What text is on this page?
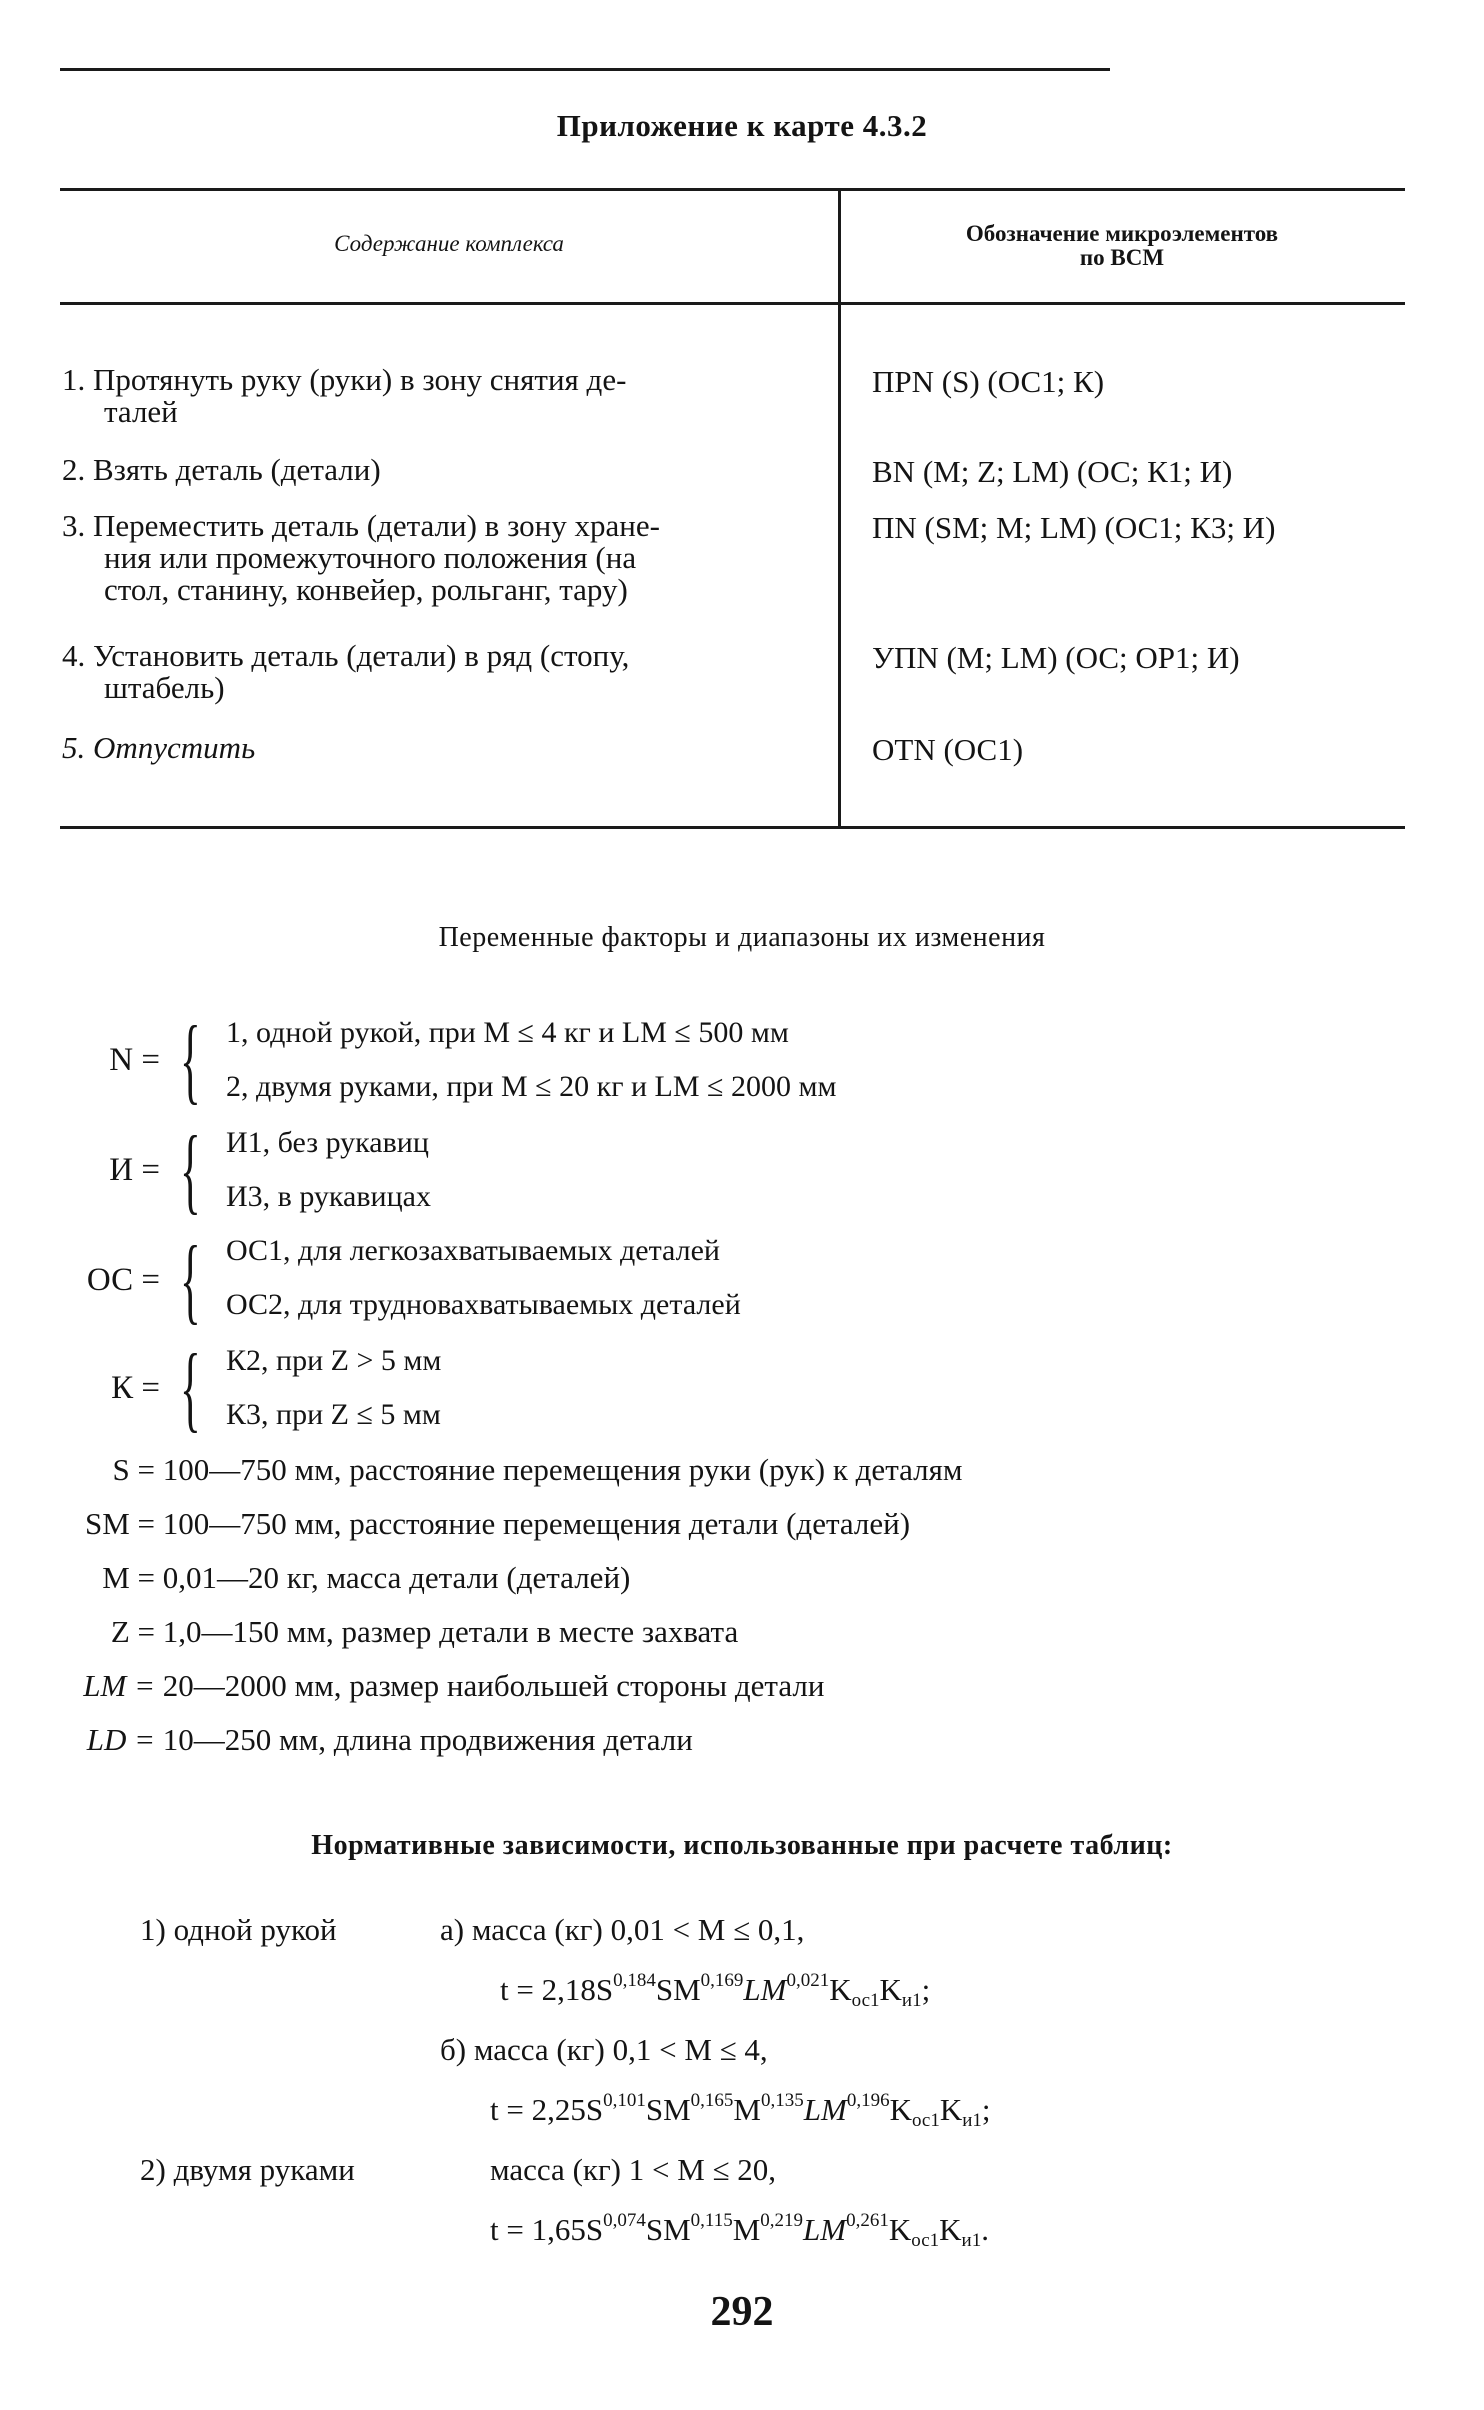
Приложение к карте 4.3.2
Содержание комплекса	Обозначение микроэлементов
по ВСМ
1. Протянуть руку (руки) в зону снятия де-
талей
ПРN (S) (ОС1; К)
2. Взять деталь (детали)	ВN (М; Z; LM) (ОС; К1; И)
3. Переместить деталь (детали) в зону хране-
ния или промежуточного положения (на
стол, станину, конвейер, рольганг, тару)
ПN (SM; М; LM) (ОС1; К3; И)
4. Установить деталь (детали) в ряд (стопу,
штабель)
УПN (М; LM) (ОС; ОР1; И)
5. Отпустить	ОТN (ОС1)
Переменные факторы и диапазоны их изменения
N = { 1, одной рукой, при M ≤ 4 кг и LM ≤ 500 мм
2, двумя руками, при M ≤ 20 кг и LM ≤ 2000 мм
И = { И1, без рукавиц
И3, в рукавицах
ОС = { ОС1, для легкозахватываемых деталей
ОС2, для трудновахватываемых деталей
К = { К2, при Z > 5 мм
К3, при Z ≤ 5 мм
S = 100—750 мм, расстояние перемещения руки (рук) к деталям
SM = 100—750 мм, расстояние перемещения детали (деталей)
M = 0,01—20 кг, масса детали (деталей)
Z = 1,0—150 мм, размер детали в месте захвата
LM = 20—2000 мм, размер наибольшей стороны детали
LD = 10—250 мм, длина продвижения детали
Нормативные зависимости, использованные при расчете таблиц:
1) одной рукой	а) масса (кг) 0,01 < M ≤ 0,1,
$t = 2,18S^{0,184}SM^{0,169}LM^{0,021}K_{ос1}K_{и1}$;
б) масса (кг) 0,1 < M ≤ 4,
$t = 2,25S^{0,101}SM^{0,165}M^{0,135}LM^{0,196}K_{ос1}K_{и1}$;
2) двумя руками	масса (кг) 1 < M ≤ 20,
$t = 1,65S^{0,074}SM^{0,115}M^{0,219}LM^{0,261}K_{ос1}K_{и1}$.
292
